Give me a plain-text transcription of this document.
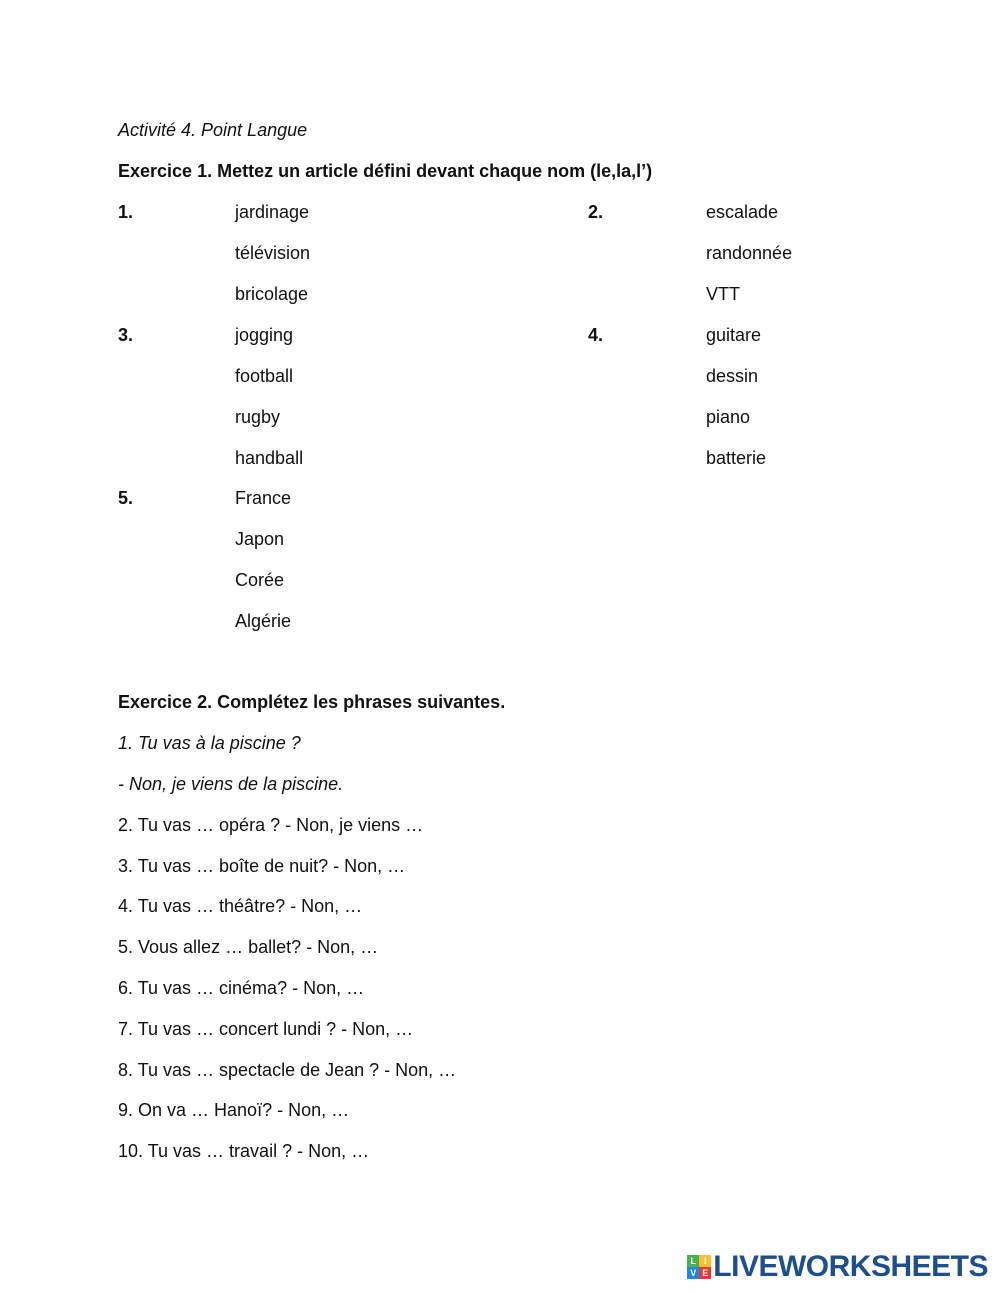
Activité 4. Point Langue
Exercice 1. Mettez un article défini devant chaque nom (le,la,l’)
1.	jardinage
télévision
bricolage
2.	escalade
randonnée
VTT
3.	jogging
football
rugby
handball
4.	guitare
dessin
piano
batterie
5.	France
Japon
Corée
Algérie
Exercice 2. Complétez les phrases suivantes.
1. Tu vas à la piscine ?
- Non, je viens de la piscine.
2. Tu vas … opéra ? - Non, je viens …
3. Tu vas … boîte de nuit? - Non, …
4. Tu vas … théâtre? - Non, …
5. Vous allez … ballet? - Non, …
6. Tu vas … cinéma? - Non, …
7. Tu vas … concert lundi ? - Non, …
8. Tu vas … spectacle de Jean ? - Non, …
9. On va … Hanoï? - Non, …
10. Tu vas … travail ? - Non, …
L I
V E LIVEWORKSHEETS
